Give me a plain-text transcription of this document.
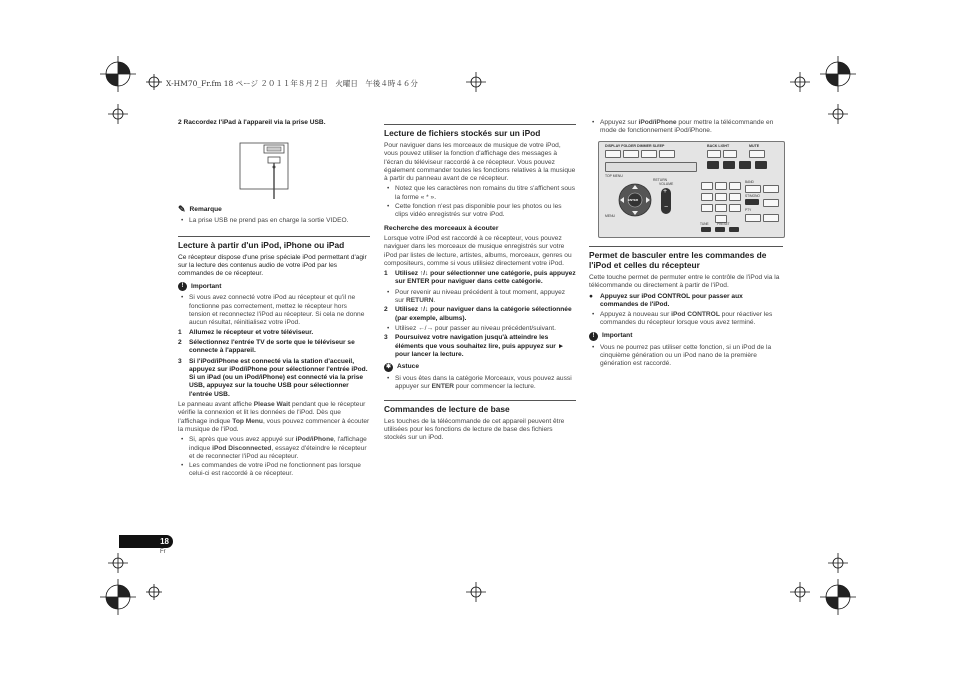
X-HM70_Fr.fm 18 ページ ２０１１年８月２日　火曜日　午後４時４６分

2 Raccordez l'iPad à l'appareil via la prise USB.

✎ Remarque
• La prise USB ne prend pas en charge la sortie VIDEO.
Lecture à partir d'un iPod, iPhone ou iPad

Ce récepteur dispose d'une prise spéciale iPod permettant d'agir sur la lecture des contenus audio de votre iPod par les commandes de ce récepteur.

!	Important
• Si vous avez connecté votre iPod au récepteur et qu'il ne fonctionne pas correctement, mettez le récepteur hors tension et reconnectez l'iPod au récepteur. Si cela ne donne aucun résultat, réinitialisez votre iPod.
1 Allumez le récepteur et votre téléviseur.
2 Sélectionnez l'entrée TV de sorte que le téléviseur se connecte à l'appareil.
3 Si l'iPod/iPhone est connecté via la station d'accueil, appuyez sur iPod/iPhone pour sélectionner l'entrée iPod.
Si un iPad (ou un iPod/iPhone) est connecté via la prise USB, appuyez sur la touche USB pour sélectionner l'entrée USB.

Le panneau avant affiche Please Wait pendant que le récepteur vérifie la connexion et lit les données de l'iPod. Dès que l'affichage indique Top Menu, vous pouvez commencer à écouter la musique de l'iPod.

• Si, après que vous avez appuyé sur iPod/iPhone, l'affichage indique iPod Disconnected, essayez d'éteindre le récepteur et de reconnecter l'iPod au récepteur.
• Les commandes de votre iPod ne fonctionnent pas lorsque celui-ci est raccordé à ce récepteur.
Lecture de fichiers stockés sur un iPod

Pour naviguer dans les morceaux de musique de votre iPod, vous pouvez utiliser la fonction d'affichage des messages à l'écran du téléviseur raccordé à ce récepteur. Vous pouvez également commander toutes les fonctions relatives à la musique à partir du panneau avant de ce récepteur.

• Notez que les caractères non romains du titre s'affichent sous la forme « * ».
• Cette fonction n'est pas disponible pour les photos ou les clips vidéo enregistrés sur votre iPod.
Recherche des morceaux à écouter

Lorsque votre iPod est raccordé à ce récepteur, vous pouvez naviguer dans les morceaux de musique enregistrés sur votre iPod par listes de lecture, artistes, albums, morceaux, genres ou compositeurs, comme si vous utilisiez directement votre iPod.

1 Utilisez ↑/↓ pour sélectionner une catégorie, puis appuyez sur ENTER pour naviguer dans cette catégorie.
• Pour revenir au niveau précédent à tout moment, appuyez sur RETURN.
2 Utilisez ↑/↓ pour naviguer dans la catégorie sélectionnée (par exemple, albums).
• Utilisez ←/→ pour passer au niveau précédent/suivant.
3 Poursuivez votre navigation jusqu'à atteindre les éléments que vous souhaitez lire, puis appuyez sur ► pour lancer la lecture.
✱ Astuce
• Si vous êtes dans la catégorie Morceaux, vous pouvez aussi appuyer sur ENTER pour commencer la lecture.
Commandes de lecture de base

Les touches de la télécommande de cet appareil peuvent être utilisées pour les fonctions de lecture de base des fichiers stockés sur un iPod.

• Appuyez sur iPod/iPhone pour mettre la télécommande en mode de fonctionnement iPod/iPhone.
DISPLAY FOLDER DIMMER SLEEP	BACK LIGHT	MUTE
TOP MENU
RETURN
MENU
ENTER
VOLUME
+
−
TUNE	PRESET
BAND
ST/MONO
PTY
Permet de basculer entre les commandes de l'iPod et celles du récepteur

Cette touche permet de permuter entre le contrôle de l'iPod via la télécommande ou directement à partir de l'iPod.

● Appuyez sur iPod CONTROL pour passer aux commandes de l'iPod.
• Appuyez à nouveau sur iPod CONTROL pour réactiver les commandes du récepteur lorsque vous avez terminé.
!	Important
• Vous ne pourrez pas utiliser cette fonction, si un iPod de la cinquième génération ou un iPod nano de la première génération est raccordé.
18
Fr
